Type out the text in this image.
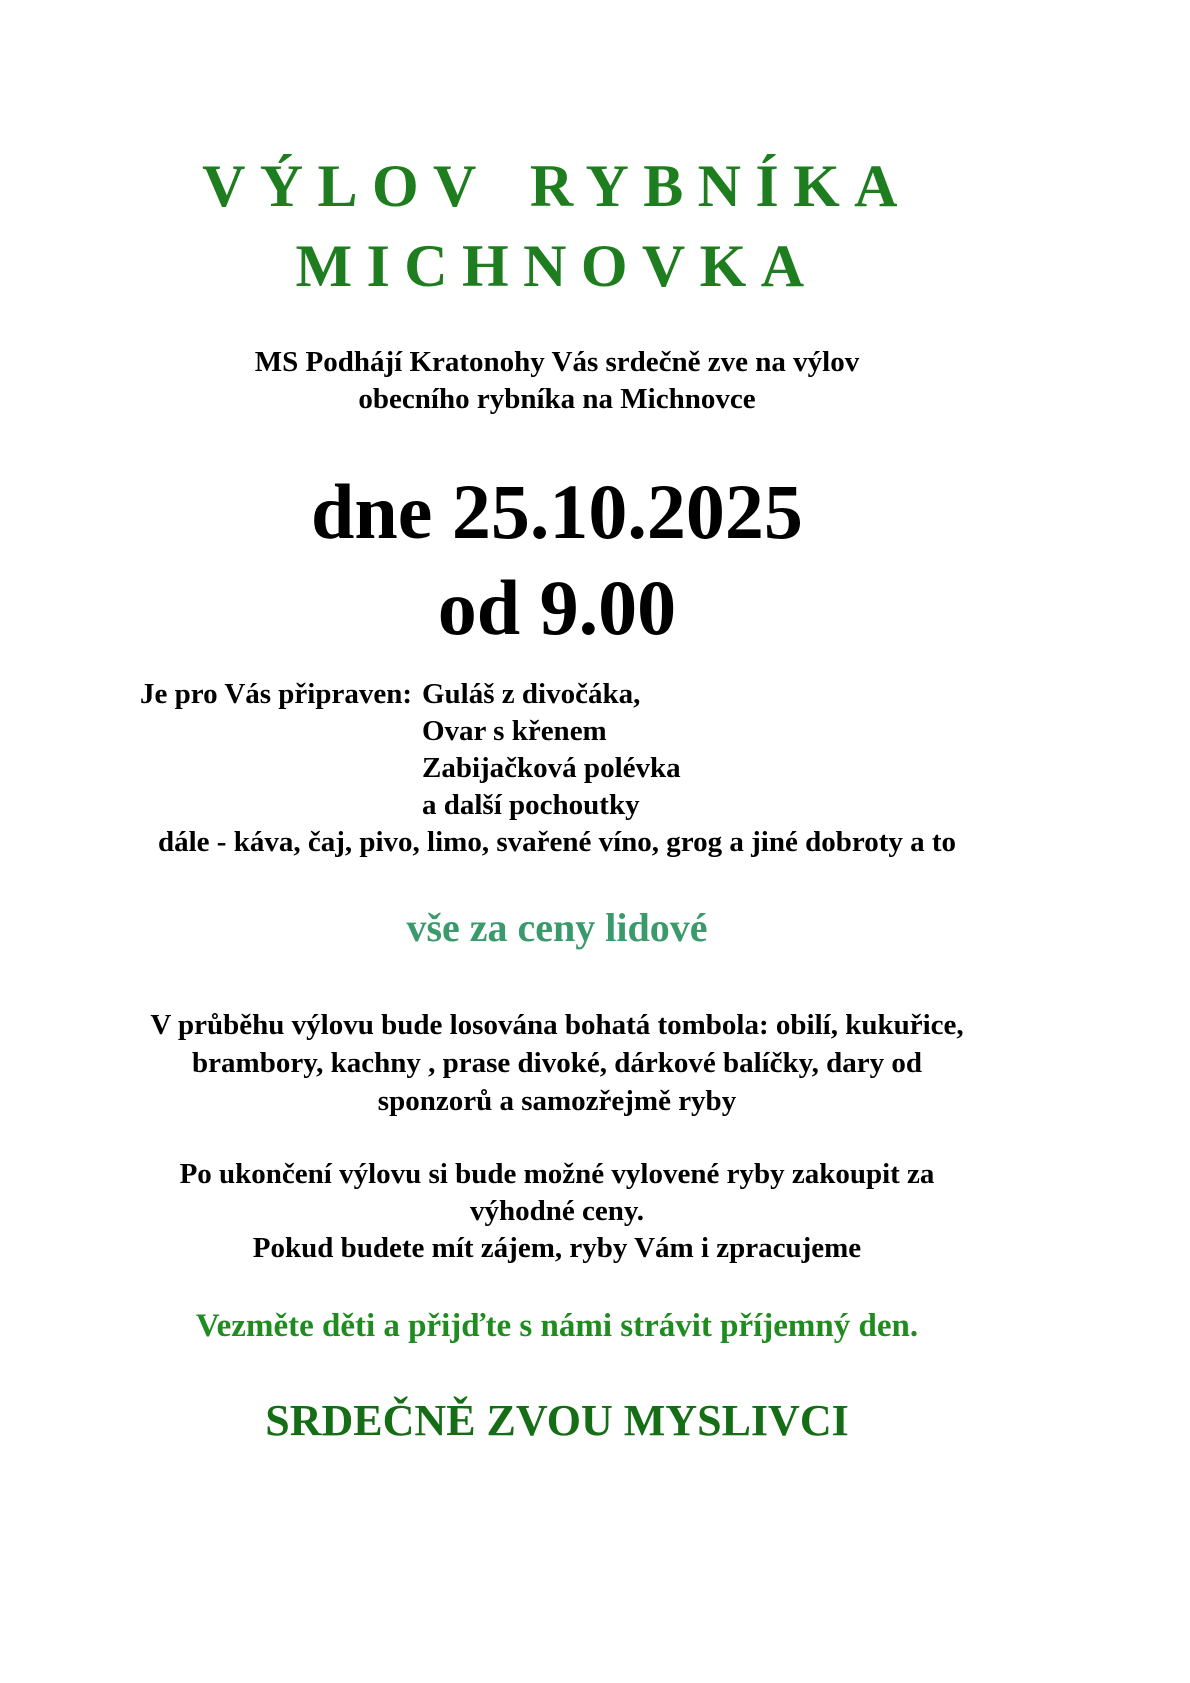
VÝLOV RYBNÍKA
MICHNOVKA
MS Podhájí Kratonohy Vás srdečně zve na výlov
obecního rybníka na Michnovce
dne 25.10.2025
od 9.00
Je pro Vás připraven: Guláš z divočáka,
Ovar s křenem
Zabijačková polévka
a další pochoutky
dále - káva, čaj, pivo, limo, svařené víno, grog a jiné dobroty a to
vše za ceny lidové
V průběhu výlovu bude losována bohatá tombola: obilí, kukuřice,
brambory, kachny , prase divoké, dárkové balíčky, dary od
sponzorů a samozřejmě ryby
Po ukončení výlovu si bude možné vylovené ryby zakoupit za
výhodné ceny.
Pokud budete mít zájem, ryby Vám i zpracujeme
Vezměte děti a přijďte s námi strávit příjemný den.
SRDEČNĚ ZVOU MYSLIVCI
